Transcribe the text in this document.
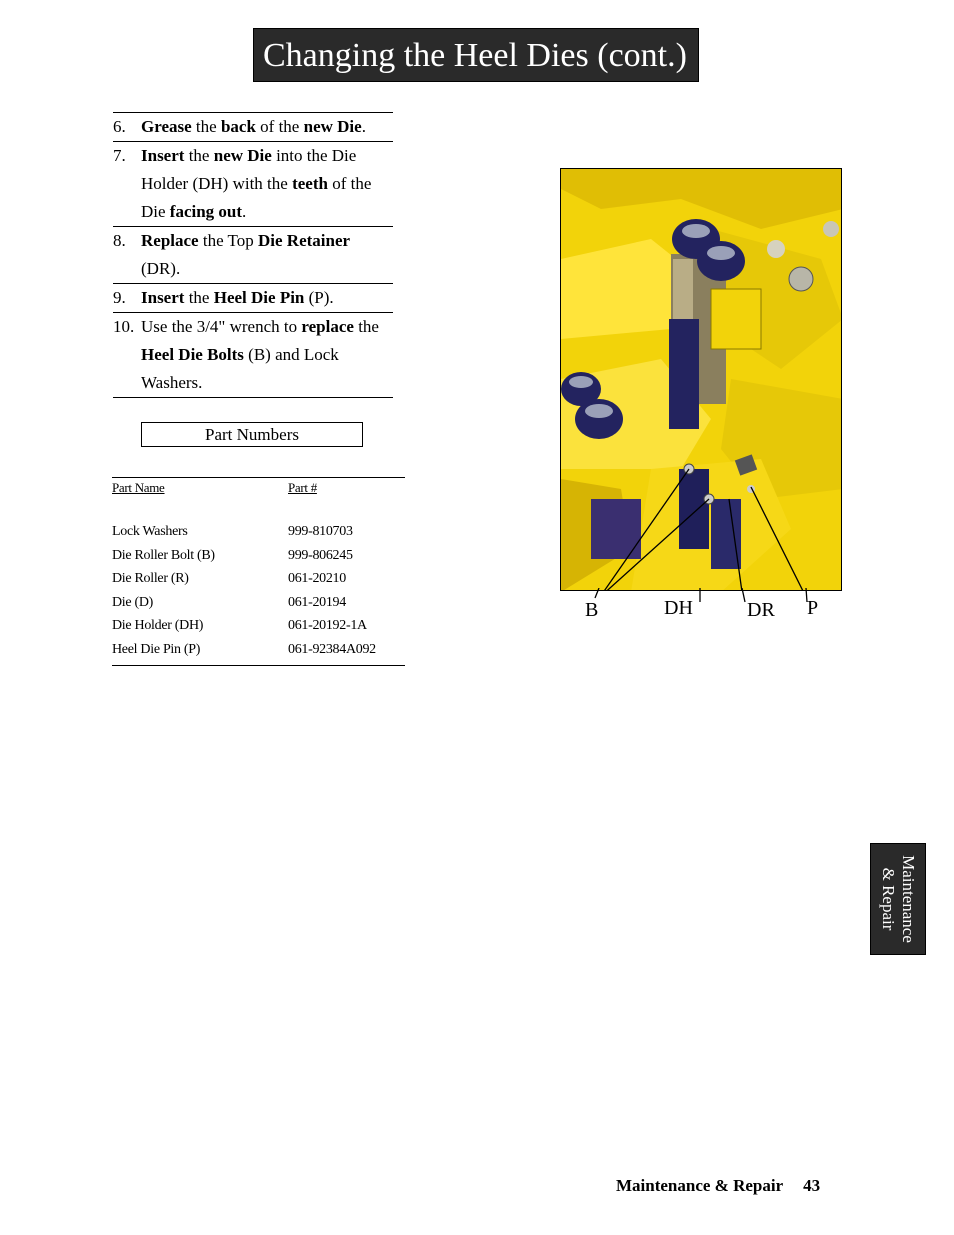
Changing the Heel Dies (cont.)
6. Grease the back of the new Die.
7. Insert the new Die into the Die Holder (DH) with the teeth of the Die facing out.
8. Replace the Top Die Retainer (DR).
9. Insert the Heel Die Pin (P).
10. Use the 3/4" wrench to replace the Heel Die Bolts (B) and Lock Washers.
Part Numbers
Part Name	Part #
Lock Washers	999-810703
Die Roller Bolt (B)	999-806245
Die Roller (R)	061-20210
Die (D)	061-20194
Die Holder (DH)	061-20192-1A
Heel Die Pin (P)	061-92384A092
B	DH	DR P
Maintenance
& Repair
Maintenance & Repair 43
